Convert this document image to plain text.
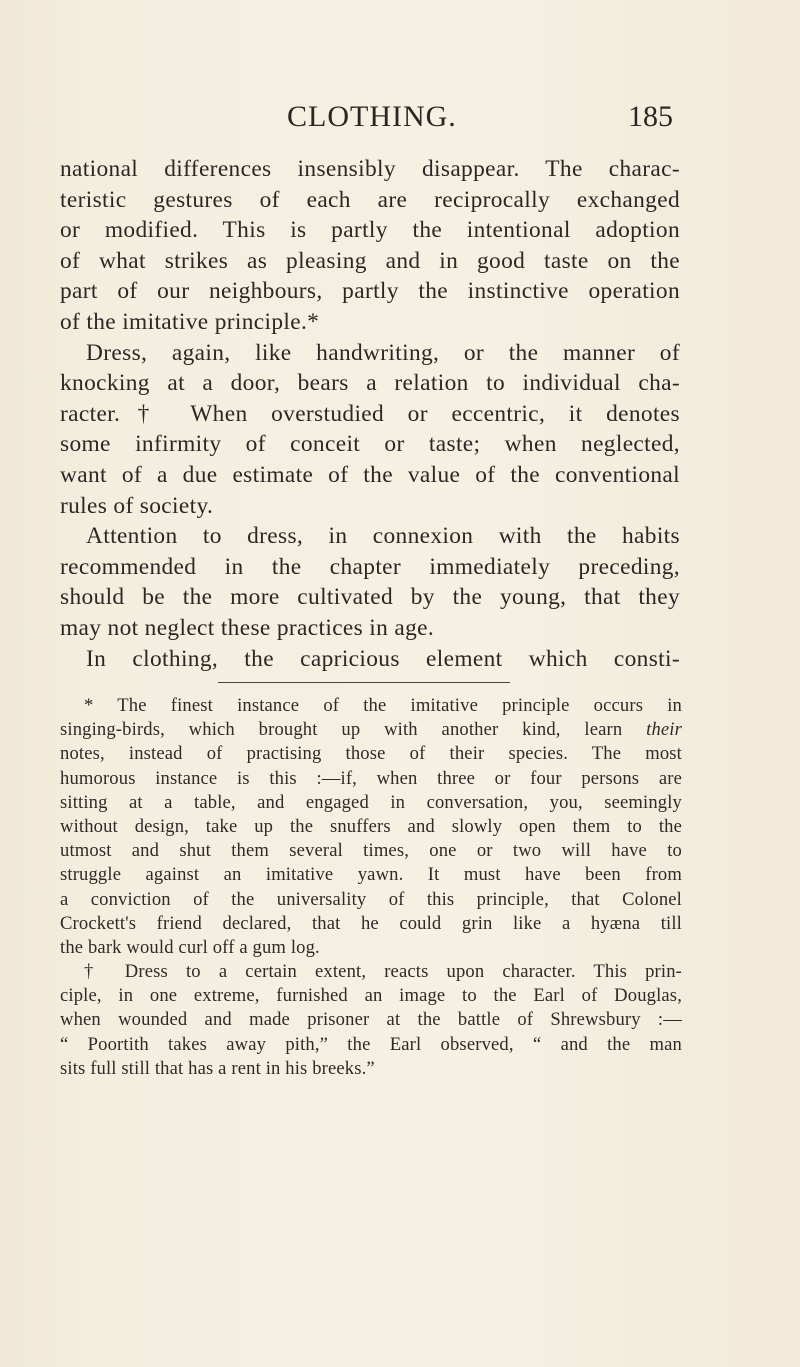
CLOTHING.	185
national differences insensibly disappear. The charac-
teristic gestures of each are reciprocally exchanged
or modified. This is partly the intentional adoption
of what strikes as pleasing and in good taste on the
part of our neighbours, partly the instinctive operation
of the imitative principle.*
Dress, again, like handwriting, or the manner of
knocking at a door, bears a relation to individual cha-
racter.† When overstudied or eccentric, it denotes
some infirmity of conceit or taste; when neglected,
want of a due estimate of the value of the conventional
rules of society.
Attention to dress, in connexion with the habits
recommended in the chapter immediately preceding,
should be the more cultivated by the young, that they
may not neglect these practices in age.
In clothing, the capricious element which consti-
* The finest instance of the imitative principle occurs in
singing-birds, which brought up with another kind, learn their
notes, instead of practising those of their species. The most
humorous instance is this :—if, when three or four persons are
sitting at a table, and engaged in conversation, you, seemingly
without design, take up the snuffers and slowly open them to the
utmost and shut them several times, one or two will have to
struggle against an imitative yawn. It must have been from
a conviction of the universality of this principle, that Colonel
Crockett's friend declared, that he could grin like a hyæna till
the bark would curl off a gum log.
† Dress to a certain extent, reacts upon character. This prin-
ciple, in one extreme, furnished an image to the Earl of Douglas,
when wounded and made prisoner at the battle of Shrewsbury :—
“ Poortith takes away pith,” the Earl observed, “ and the man
sits full still that has a rent in his breeks.”
